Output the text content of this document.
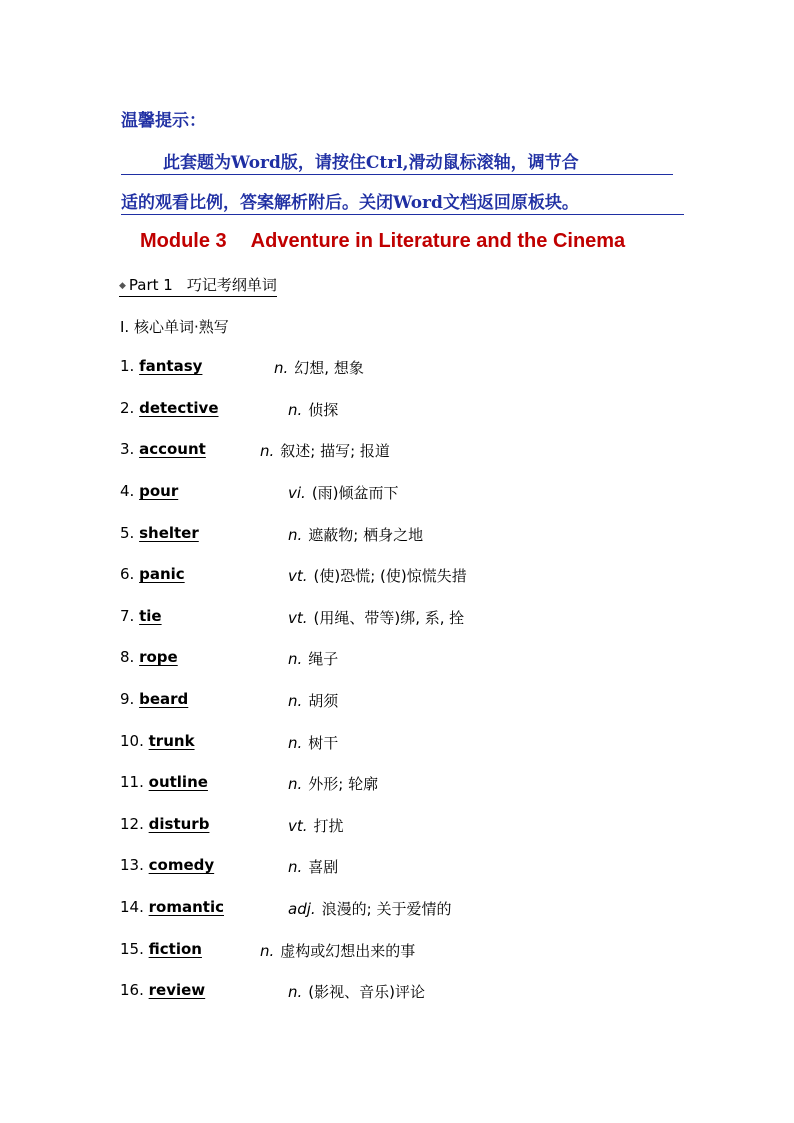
温馨提示：
此套题为Word版，请按住Ctrl,滑动鼠标滚轴，调节合
适的观看比例，答案解析附后。关闭Word文档返回原板块。
Module 3 Adventure in Literature and the Cinema
◆ Part 1 巧记考纲单词
Ⅰ. 核心单词·熟写
1. fantasy	n. 幻想, 想象
2. detective	n. 侦探
3. account	n. 叙述; 描写; 报道
4. pour	vi. (雨)倾盆而下
5. shelter	n. 遮蔽物; 栖身之地
6. panic	vt. (使)恐慌; (使)惊慌失措
7. tie	vt. (用绳、带等)绑, 系, 拴
8. rope	n. 绳子
9. beard	n. 胡须
10. trunk	n. 树干
11. outline	n. 外形; 轮廓
12. disturb	vt. 打扰
13. comedy	n. 喜剧
14. romantic	adj. 浪漫的; 关于爱情的
15. fiction	n. 虚构或幻想出来的事
16. review	n. (影视、音乐)评论
